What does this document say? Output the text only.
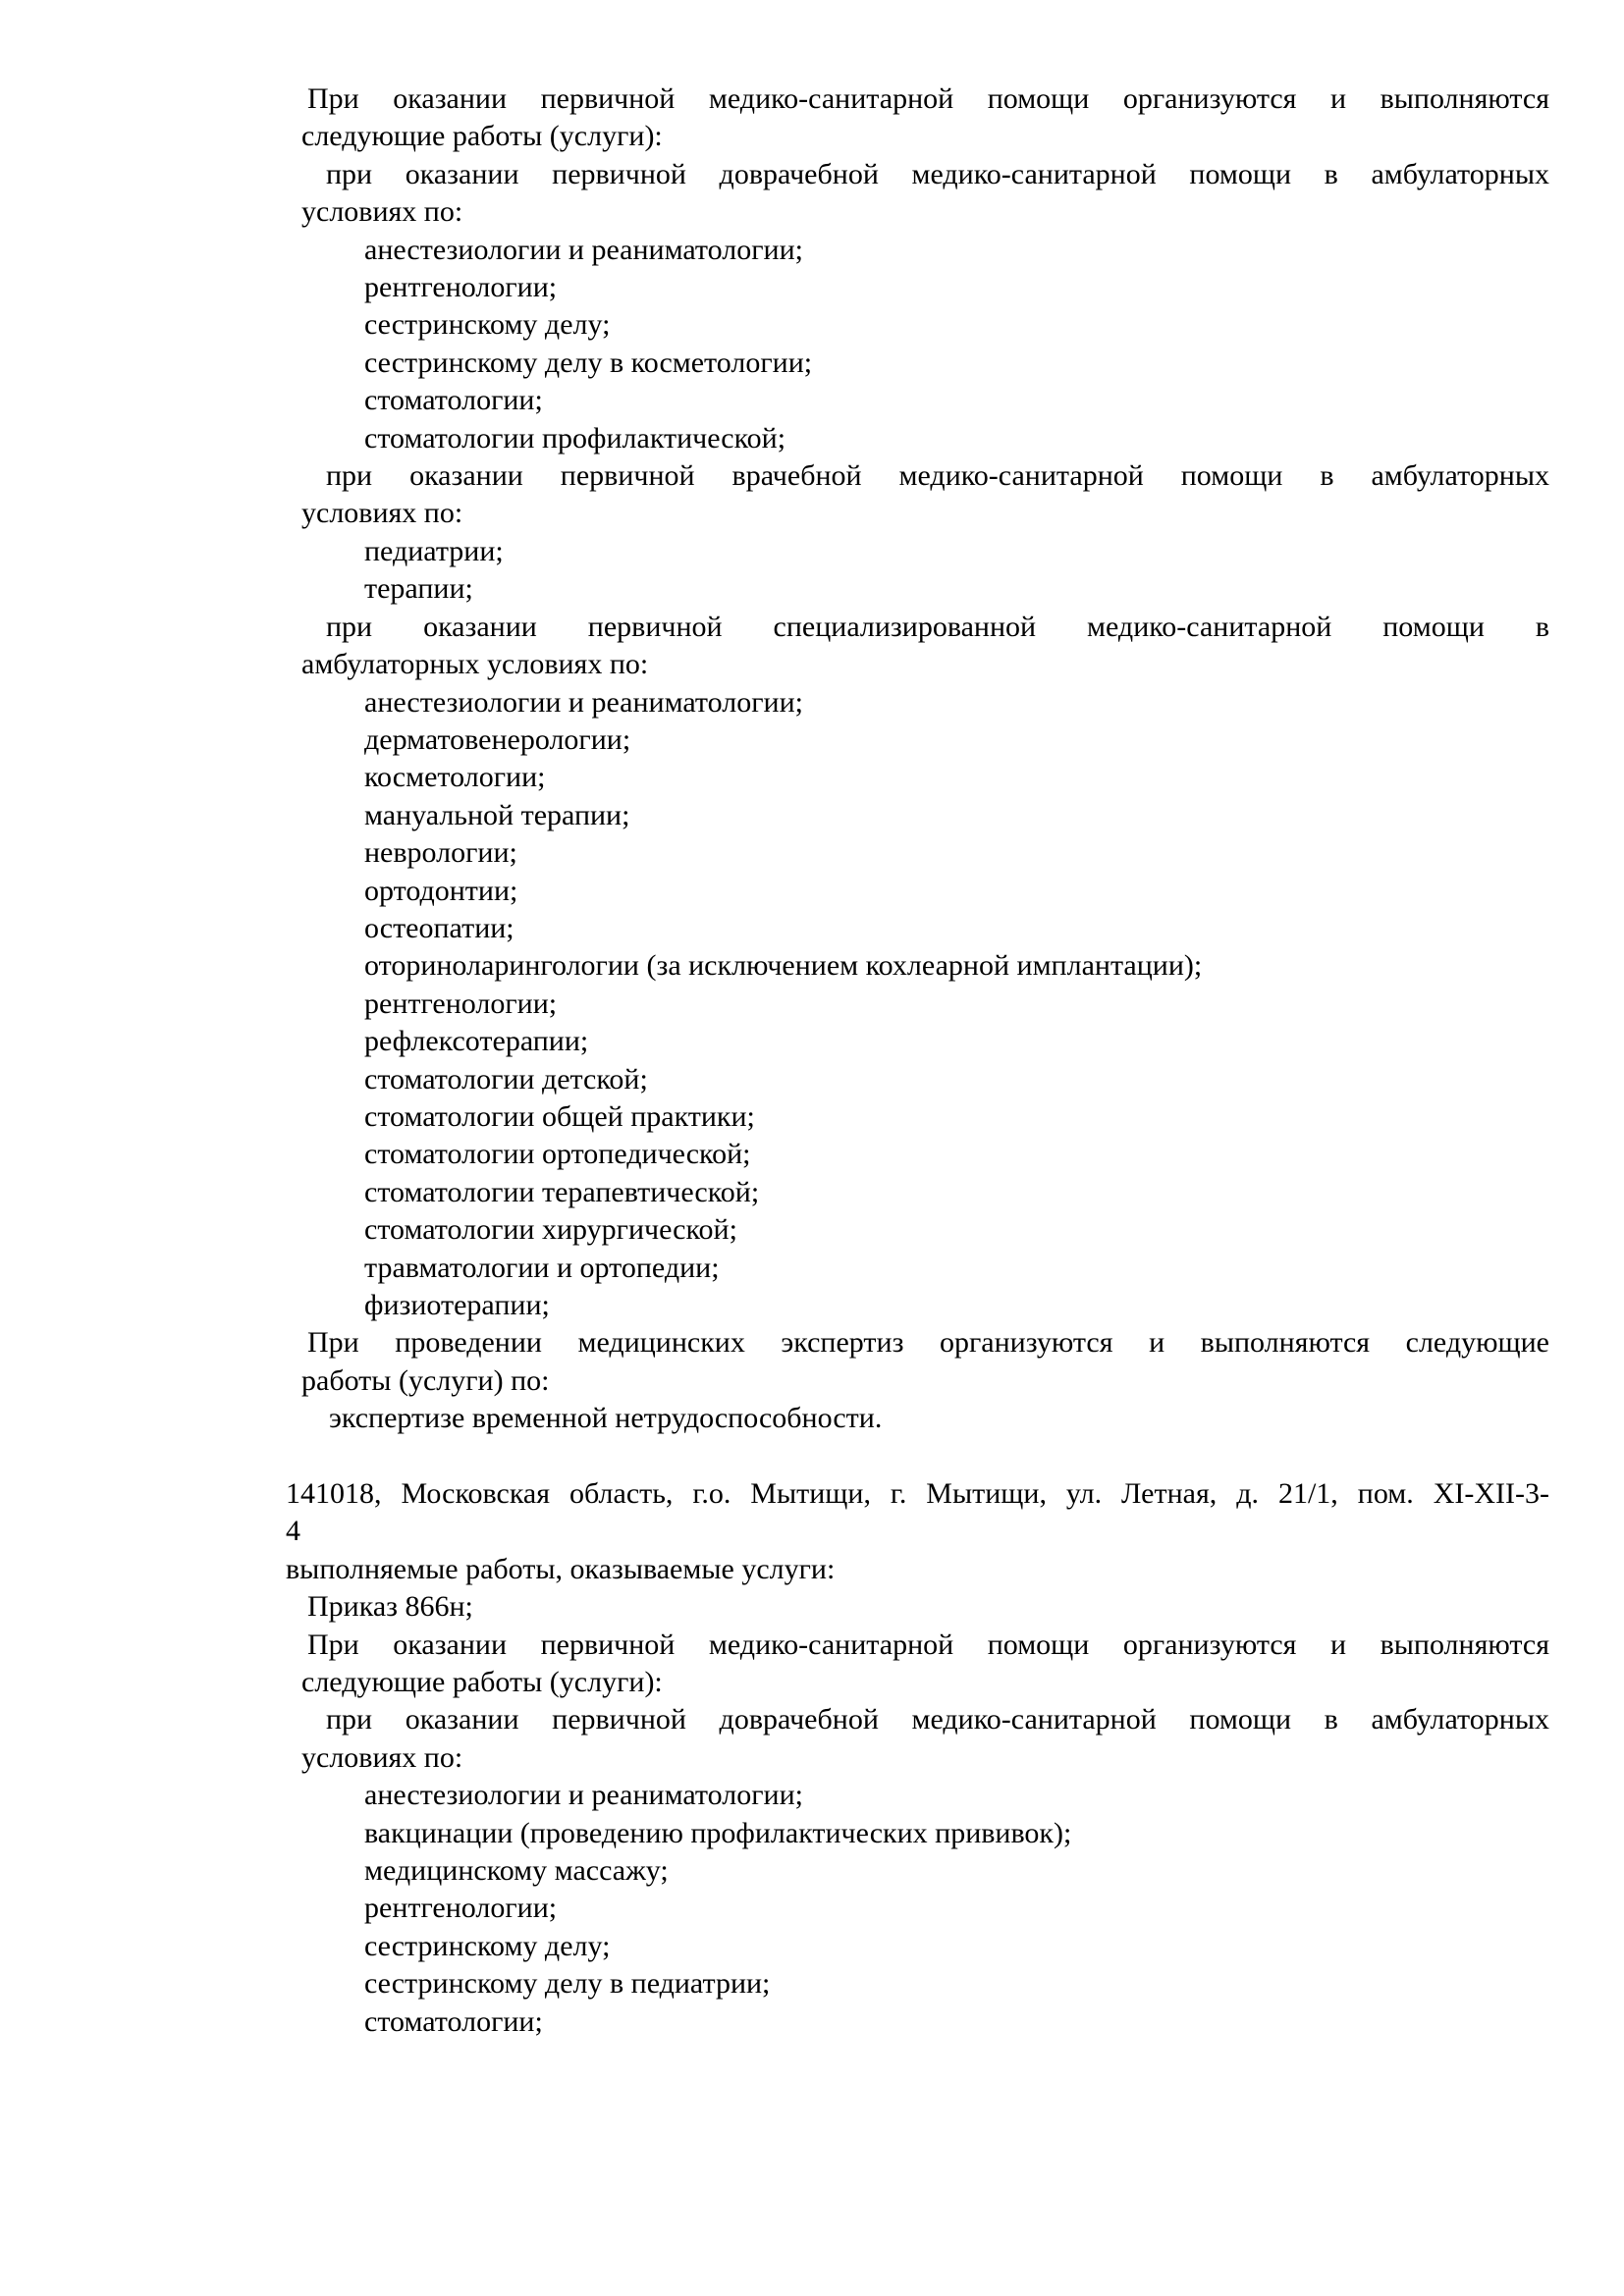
При оказании первичной медико-санитарной помощи организуются и выполняются
следующие работы (услуги):
при оказании первичной доврачебной медико-санитарной помощи в амбулаторных
условиях по:
анестезиологии и реаниматологии;
рентгенологии;
сестринскому делу;
сестринскому делу в косметологии;
стоматологии;
стоматологии профилактической;
при оказании первичной врачебной медико-санитарной помощи в амбулаторных
условиях по:
педиатрии;
терапии;
при оказании первичной специализированной медико-санитарной помощи в
амбулаторных условиях по:
анестезиологии и реаниматологии;
дерматовенерологии;
косметологии;
мануальной терапии;
неврологии;
ортодонтии;
остеопатии;
оториноларингологии (за исключением кохлеарной имплантации);
рентгенологии;
рефлексотерапии;
стоматологии детской;
стоматологии общей практики;
стоматологии ортопедической;
стоматологии терапевтической;
стоматологии хирургической;
травматологии и ортопедии;
физиотерапии;
При проведении медицинских экспертиз организуются и выполняются следующие
работы (услуги) по:
экспертизе временной нетрудоспособности.
141018, Московская область, г.о. Мытищи, г. Мытищи, ул. Летная, д. 21/1, пом. XI-XII-3-
4
выполняемые работы, оказываемые услуги:
Приказ 866н;
При оказании первичной медико-санитарной помощи организуются и выполняются
следующие работы (услуги):
при оказании первичной доврачебной медико-санитарной помощи в амбулаторных
условиях по:
анестезиологии и реаниматологии;
вакцинации (проведению профилактических прививок);
медицинскому массажу;
рентгенологии;
сестринскому делу;
сестринскому делу в педиатрии;
стоматологии;
